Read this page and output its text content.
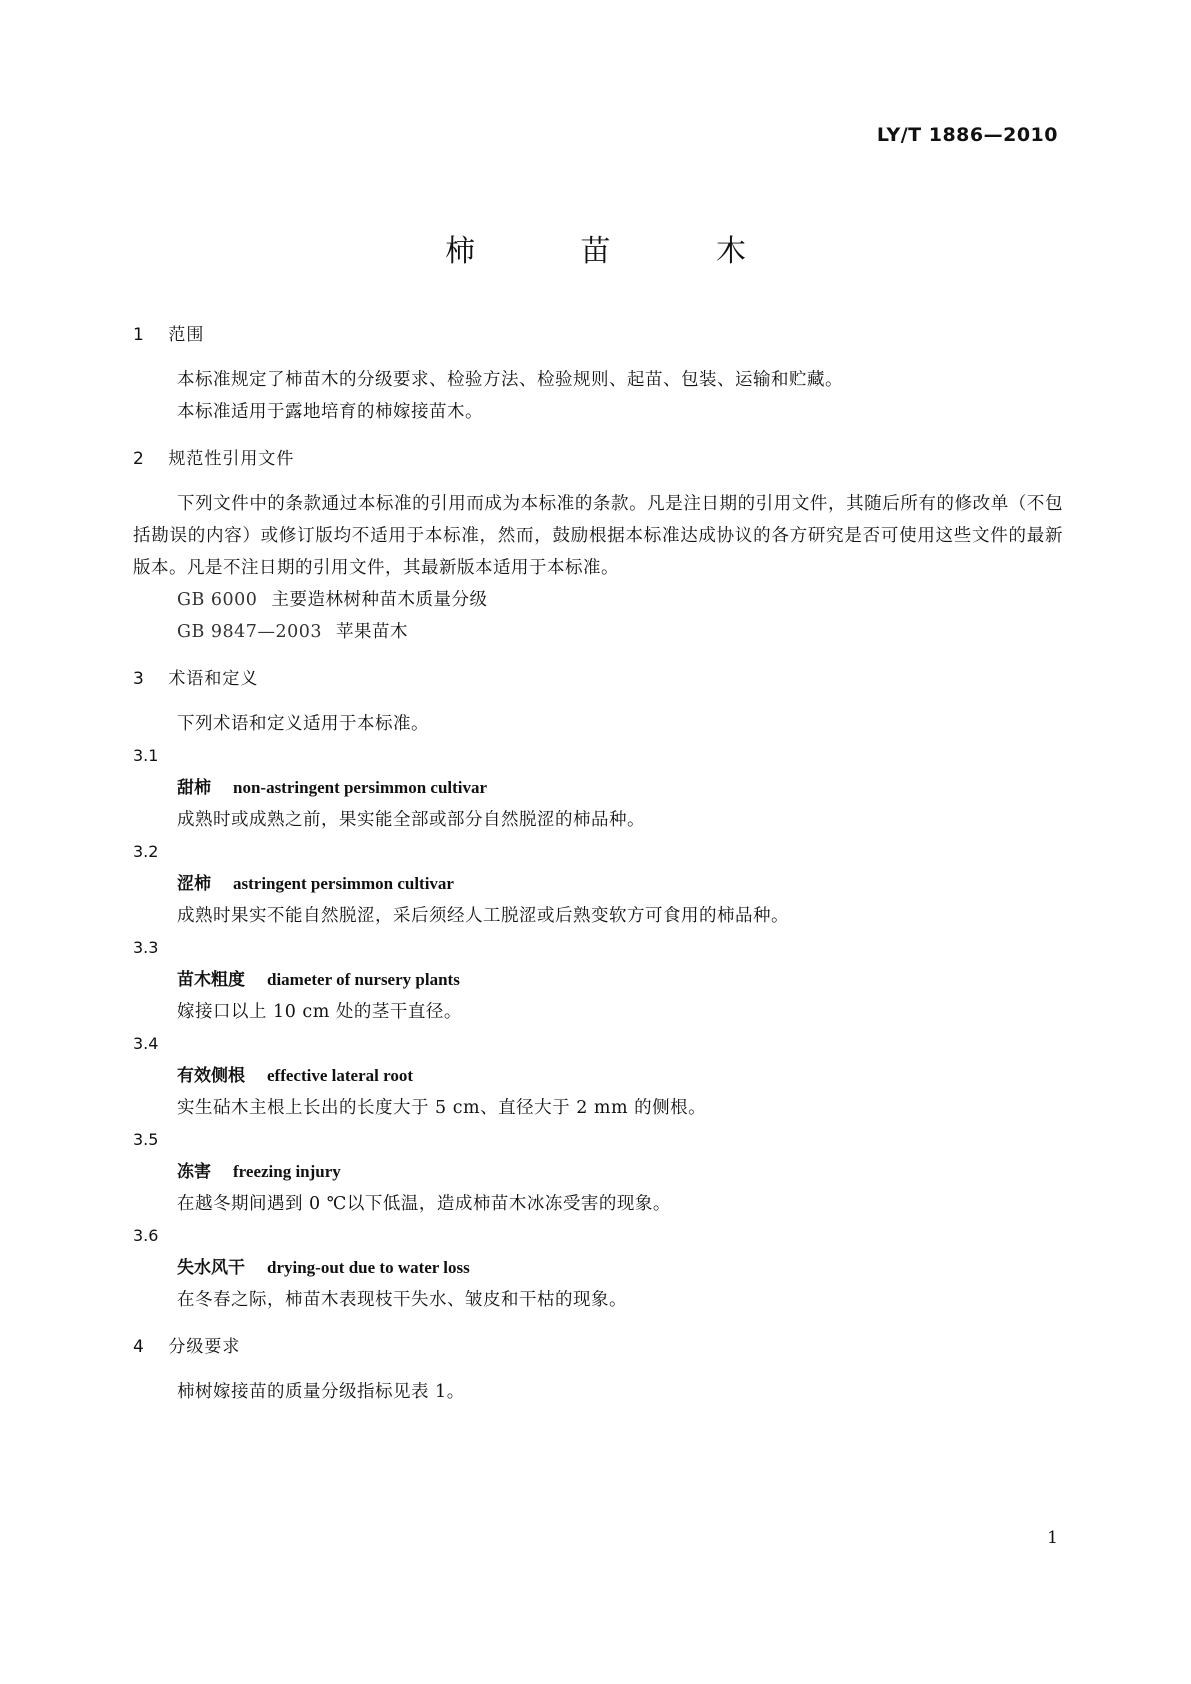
LY/T 1886—2010
柿 苗 木
1 范围
本标准规定了柿苗木的分级要求、检验方法、检验规则、起苗、包装、运输和贮藏。
本标准适用于露地培育的柿嫁接苗木。
2 规范性引用文件
下列文件中的条款通过本标准的引用而成为本标准的条款。凡是注日期的引用文件，其随后所有的修改单（不包括勘误的内容）或修订版均不适用于本标准，然而，鼓励根据本标准达成协议的各方研究是否可使用这些文件的最新版本。凡是不注日期的引用文件，其最新版本适用于本标准。
GB 6000 主要造林树种苗木质量分级
GB 9847—2003 苹果苗木
3 术语和定义
下列术语和定义适用于本标准。
3.1
甜柿 non-astringent persimmon cultivar
成熟时或成熟之前，果实能全部或部分自然脱涩的柿品种。
3.2
涩柿 astringent persimmon cultivar
成熟时果实不能自然脱涩，采后须经人工脱涩或后熟变软方可食用的柿品种。
3.3
苗木粗度 diameter of nursery plants
嫁接口以上 10 cm 处的茎干直径。
3.4
有效侧根 effective lateral root
实生砧木主根上长出的长度大于 5 cm、直径大于 2 mm 的侧根。
3.5
冻害 freezing injury
在越冬期间遇到 0 ℃以下低温，造成柿苗木冰冻受害的现象。
3.6
失水风干 drying-out due to water loss
在冬春之际，柿苗木表现枝干失水、皱皮和干枯的现象。
4 分级要求
柿树嫁接苗的质量分级指标见表 1。
1
